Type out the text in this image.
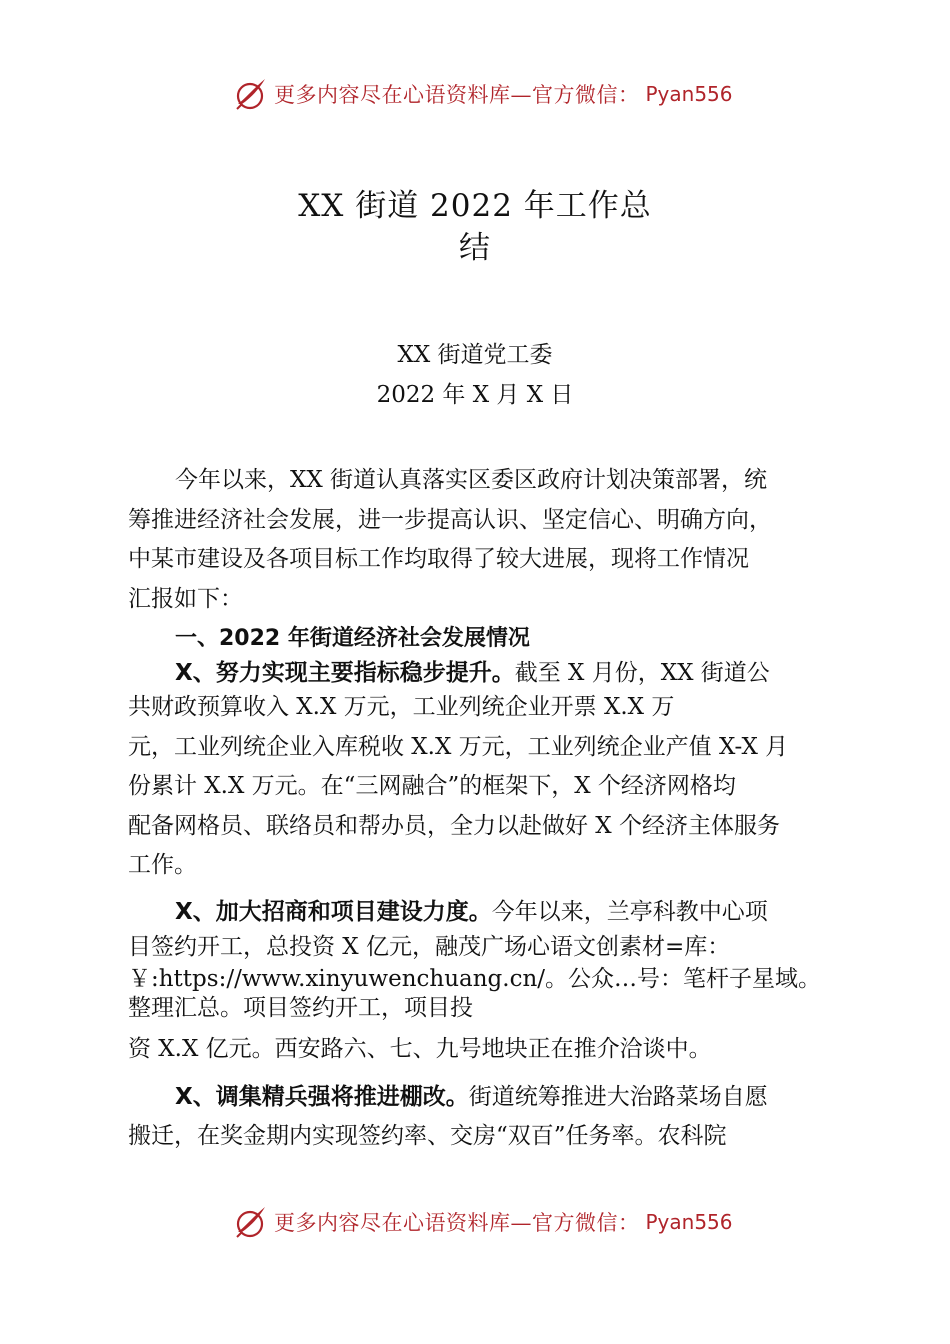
更多内容尽在心语资料库—官方微信： Pyan556
XX 街道 2022 年工作总
结
XX 街道党工委
2022 年 X 月 X 日
今年以来，XX 街道认真落实区委区政府计划决策部署，统
筹推进经济社会发展，进一步提高认识、坚定信心、明确方向，
中某市建设及各项目标工作均取得了较大进展，现将工作情况
汇报如下：
一、2022 年街道经济社会发展情况
X、努力实现主要指标稳步提升。截至 X 月份，XX 街道公
共财政预算收入 X.X 万元，工业列统企业开票 X.X 万
元，工业列统企业入库税收 X.X 万元，工业列统企业产值 X-X 月
份累计 X.X 万元。在“三网融合”的框架下，X 个经济网格均
配备网格员、联络员和帮办员，全力以赴做好 X 个经济主体服务
工作。
X、加大招商和项目建设力度。今年以来，兰亭科教中心项
目签约开工，总投资 X 亿元，融茂广场心语文创素材=库：
￥:https://www.xinyuwenchuang.cn/。公众…号：笔杆子星域。
整理汇总。项目签约开工，项目投
资 X.X 亿元。西安路六、七、九号地块正在推介洽谈中。
X、调集精兵强将推进棚改。街道统筹推进大治路菜场自愿
搬迁，在奖金期内实现签约率、交房“双百”任务率。农科院
更多内容尽在心语资料库—官方微信： Pyan556
